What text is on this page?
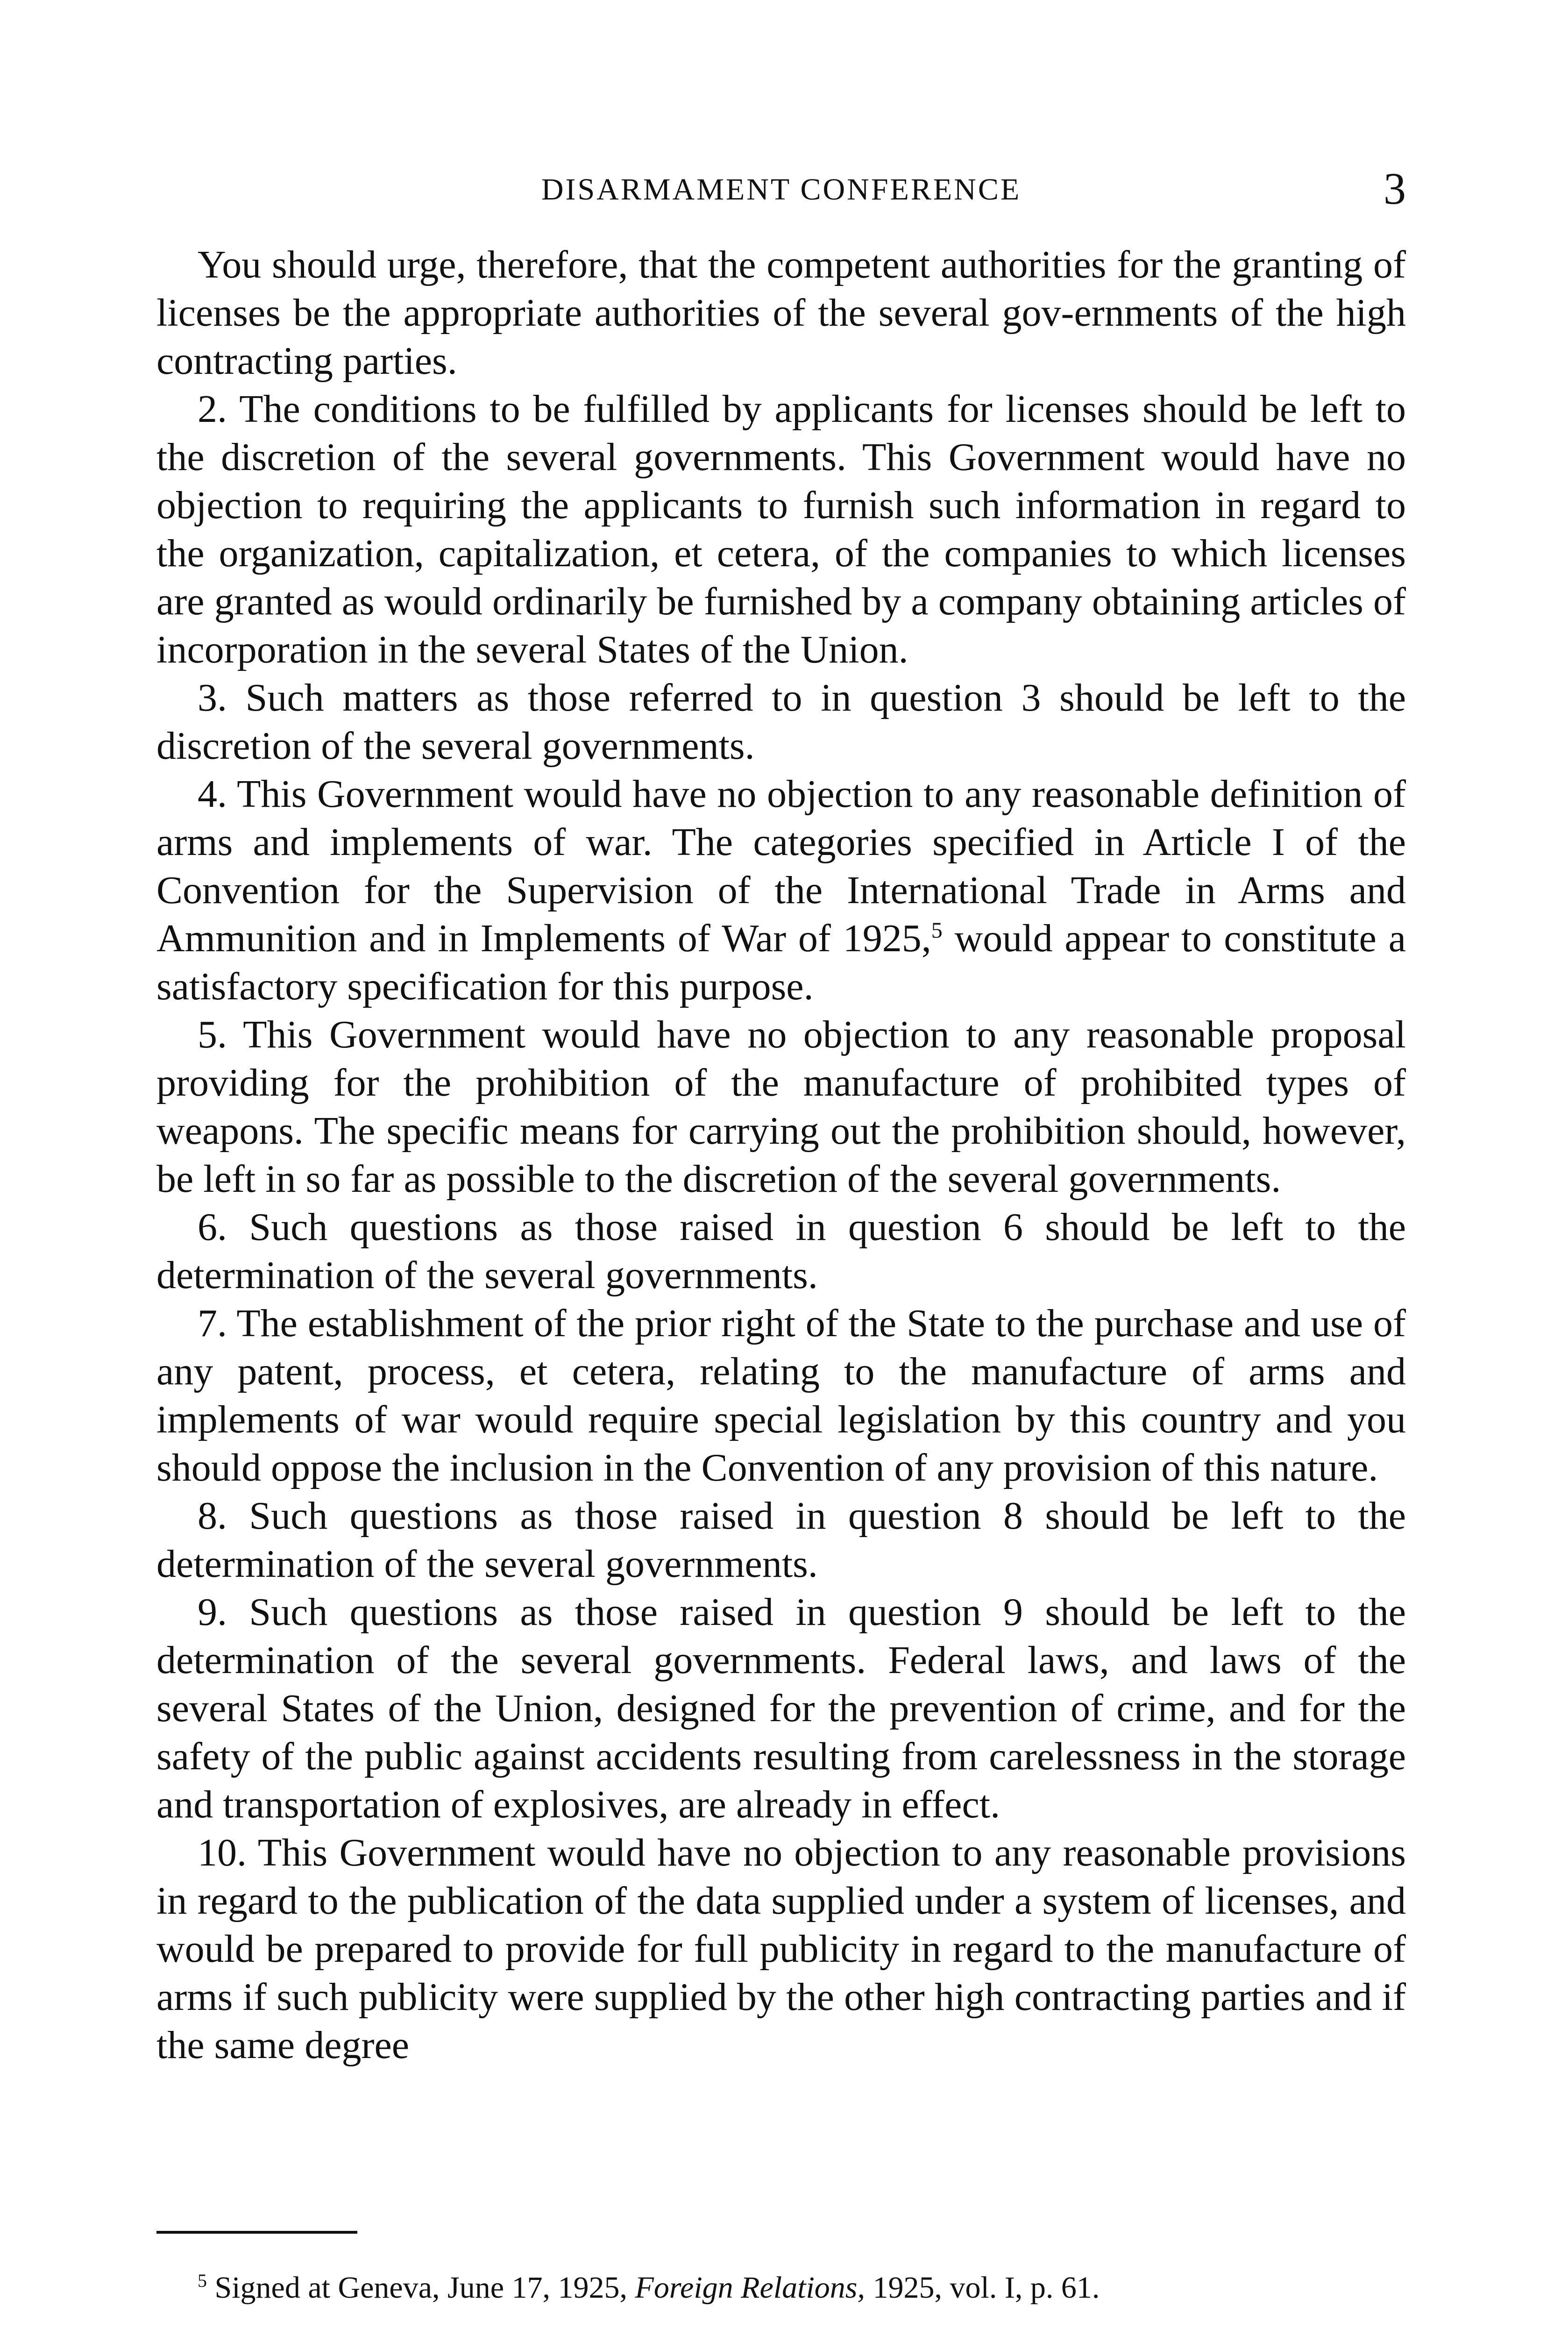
DISARMAMENT CONFERENCE	3

You should urge, therefore, that the competent authorities for the granting of licenses be the appropriate authorities of the several gov-ernments of the high contracting parties.

2. The conditions to be fulfilled by applicants for licenses should be left to the discretion of the several governments. This Government would have no objection to requiring the applicants to furnish such information in regard to the organization, capitalization, et cetera, of the companies to which licenses are granted as would ordinarily be furnished by a company obtaining articles of incorporation in the several States of the Union.

3. Such matters as those referred to in question 3 should be left to the discretion of the several governments.

4. This Government would have no objection to any reasonable definition of arms and implements of war. The categories specified in Article I of the Convention for the Supervision of the International Trade in Arms and Ammunition and in Implements of War of 1925,$^5$ would appear to constitute a satisfactory specification for this purpose.

5. This Government would have no objection to any reasonable proposal providing for the prohibition of the manufacture of prohibited types of weapons. The specific means for carrying out the prohibition should, however, be left in so far as possible to the discretion of the several governments.

6. Such questions as those raised in question 6 should be left to the determination of the several governments.

7. The establishment of the prior right of the State to the purchase and use of any patent, process, et cetera, relating to the manufacture of arms and implements of war would require special legislation by this country and you should oppose the inclusion in the Convention of any provision of this nature.

8. Such questions as those raised in question 8 should be left to the determination of the several governments.

9. Such questions as those raised in question 9 should be left to the determination of the several governments. Federal laws, and laws of the several States of the Union, designed for the prevention of crime, and for the safety of the public against accidents resulting from carelessness in the storage and transportation of explosives, are already in effect.

10. This Government would have no objection to any reasonable provisions in regard to the publication of the data supplied under a system of licenses, and would be prepared to provide for full publicity in regard to the manufacture of arms if such publicity were supplied by the other high contracting parties and if the same degree

$^5$ Signed at Geneva, June 17, 1925, Foreign Relations, 1925, vol. I, p. 61.
